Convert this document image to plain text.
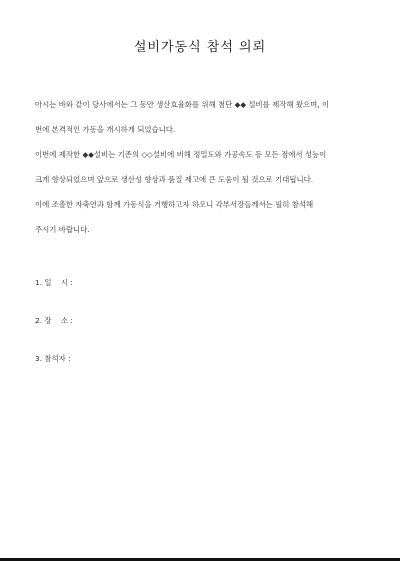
설비가동식 참석 의뢰
아시는 바와 같이 당사에서는 그 동안 생산효율화를 위해 첨단 ◆◆ 설비를 제작해 왔으며, 이
번에 본격적인 가동을 개시하게 되었습니다.
이번에 제작한 ◆◆설비는 기존의 ◇◇설비에 비해 정밀도와 가공속도 등 모든 점에서 성능이
크게 향상되었으며 앞으로 생산성 향상과 품질 제고에 큰 도움이 될 것으로 기대됩니다.
이에 조촐한 자축연과 함께 가동식을 거행하고자 하오니 각부서장들께서는 필히 참석해
주시기 바랍니다.
1. 일    시 :
2. 장    소 :
3. 참석자 :
